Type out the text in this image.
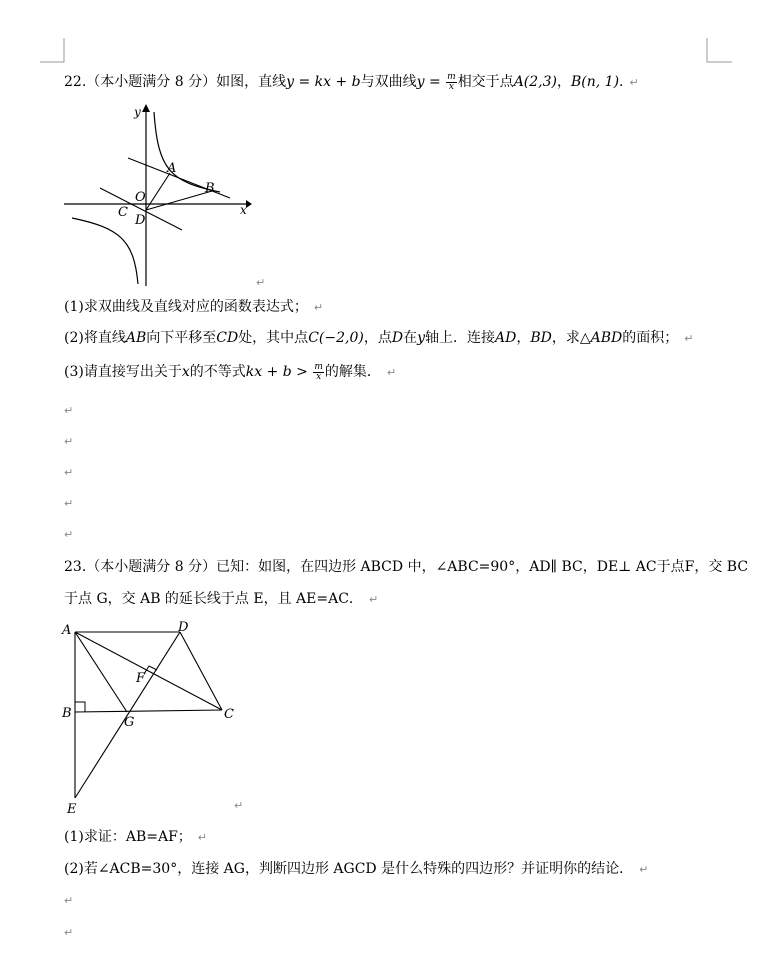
22.（本小题满分 8 分）如图，直线y = kx + b与双曲线$y = \frac{m}{x}$ 相交于点A(2,3)，B(n, 1). ↵
y
x
A
B
O
C
D
↵
(1)求双曲线及直线对应的函数表达式； ↵
(2)将直线AB向下平移至CD处，其中点C(−2,0)，点D在y轴上．连接AD，BD，求△ABD的面积； ↵
(3)请直接写出关于x的不等式kx + $b > \frac{m}{x}$ 的解集． ↵
↵
↵
↵
↵
↵
23.（本小题满分 8 分）已知：如图，在四边形 ABCD 中，∠ABC=90°，AD∥ BC，DE⊥ AC于点F，交 BC
于点 G，交 AB 的延长线于点 E，且 AE=AC． ↵
A	D
F
B
G
C
E	↵
(1)求证：AB=AF； ↵
(2)若∠ACB=30°，连接 AG，判断四边形 AGCD 是什么特殊的四边形？并证明你的结论． ↵
↵
↵
